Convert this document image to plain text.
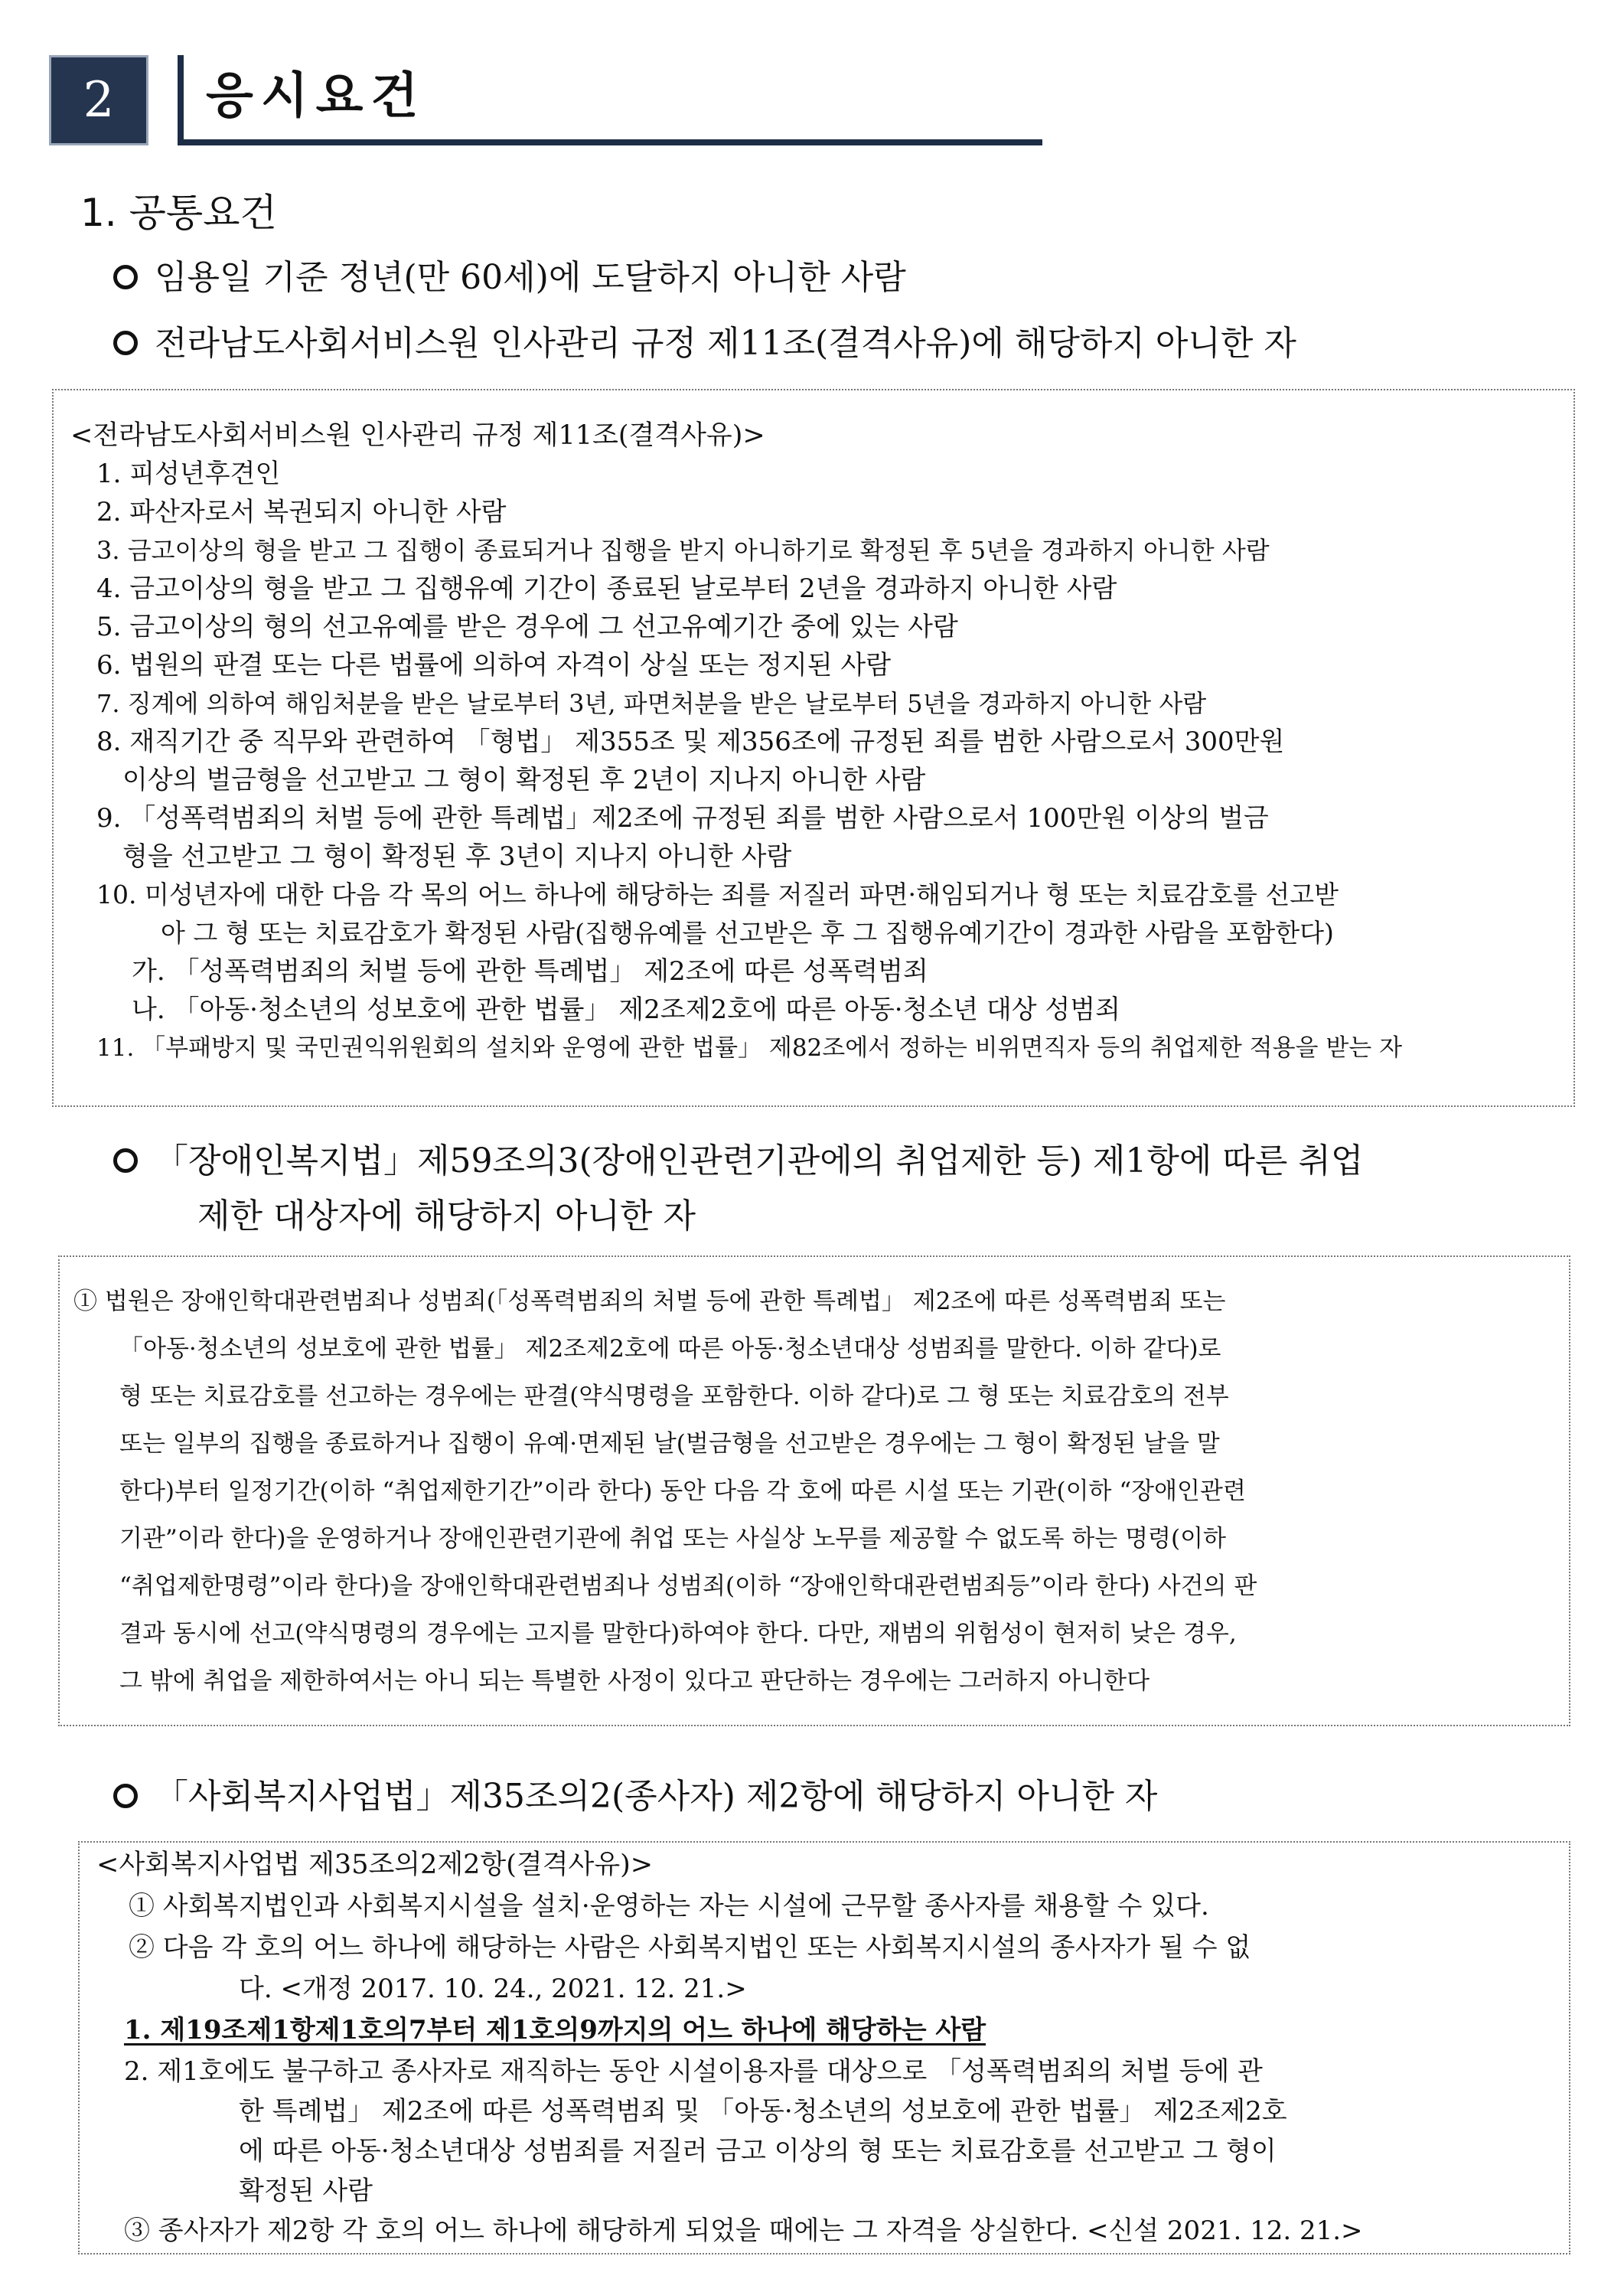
2	응시요건
1. 공통요건
임용일 기준 정년(만 60세)에 도달하지 아니한 사람
전라남도사회서비스원 인사관리 규정 제11조(결격사유)에 해당하지 아니한 자
<전라남도사회서비스원 인사관리 규정 제11조(결격사유)>
1. 피성년후견인
2. 파산자로서 복권되지 아니한 사람
3. 금고이상의 형을 받고 그 집행이 종료되거나 집행을 받지 아니하기로 확정된 후 5년을 경과하지 아니한 사람
4. 금고이상의 형을 받고 그 집행유예 기간이 종료된 날로부터 2년을 경과하지 아니한 사람
5. 금고이상의 형의 선고유예를 받은 경우에 그 선고유예기간 중에 있는 사람
6. 법원의 판결 또는 다른 법률에 의하여 자격이 상실 또는 정지된 사람
7. 징계에 의하여 해임처분을 받은 날로부터 3년, 파면처분을 받은 날로부터 5년을 경과하지 아니한 사람
8. 재직기간 중 직무와 관련하여 「형법」 제355조 및 제356조에 규정된 죄를 범한 사람으로서 300만원
이상의 벌금형을 선고받고 그 형이 확정된 후 2년이 지나지 아니한 사람
9. 「성폭력범죄의 처벌 등에 관한 특례법」제2조에 규정된 죄를 범한 사람으로서 100만원 이상의 벌금
형을 선고받고 그 형이 확정된 후 3년이 지나지 아니한 사람
10. 미성년자에 대한 다음 각 목의 어느 하나에 해당하는 죄를 저질러 파면·해임되거나 형 또는 치료감호를 선고받
아 그 형 또는 치료감호가 확정된 사람(집행유예를 선고받은 후 그 집행유예기간이 경과한 사람을 포함한다)
가. 「성폭력범죄의 처벌 등에 관한 특례법」 제2조에 따른 성폭력범죄
나. 「아동·청소년의 성보호에 관한 법률」 제2조제2호에 따른 아동·청소년 대상 성범죄
11. 「부패방지 및 국민권익위원회의 설치와 운영에 관한 법률」 제82조에서 정하는 비위면직자 등의 취업제한 적용을 받는 자
「장애인복지법」제59조의3(장애인관련기관에의 취업제한 등) 제1항에 따른 취업
제한 대상자에 해당하지 아니한 자
① 법원은 장애인학대관련범죄나 성범죄(「성폭력범죄의 처벌 등에 관한 특례법」 제2조에 따른 성폭력범죄 또는
「아동·청소년의 성보호에 관한 법률」 제2조제2호에 따른 아동·청소년대상 성범죄를 말한다. 이하 같다)로
형 또는 치료감호를 선고하는 경우에는 판결(약식명령을 포함한다. 이하 같다)로 그 형 또는 치료감호의 전부
또는 일부의 집행을 종료하거나 집행이 유예·면제된 날(벌금형을 선고받은 경우에는 그 형이 확정된 날을 말
한다)부터 일정기간(이하 “취업제한기간”이라 한다) 동안 다음 각 호에 따른 시설 또는 기관(이하 “장애인관련
기관”이라 한다)을 운영하거나 장애인관련기관에 취업 또는 사실상 노무를 제공할 수 없도록 하는 명령(이하
“취업제한명령”이라 한다)을 장애인학대관련범죄나 성범죄(이하 “장애인학대관련범죄등”이라 한다) 사건의 판
결과 동시에 선고(약식명령의 경우에는 고지를 말한다)하여야 한다. 다만, 재범의 위험성이 현저히 낮은 경우,
그 밖에 취업을 제한하여서는 아니 되는 특별한 사정이 있다고 판단하는 경우에는 그러하지 아니한다
「사회복지사업법」제35조의2(종사자) 제2항에 해당하지 아니한 자
<사회복지사업법 제35조의2제2항(결격사유)>
① 사회복지법인과 사회복지시설을 설치·운영하는 자는 시설에 근무할 종사자를 채용할 수 있다.
② 다음 각 호의 어느 하나에 해당하는 사람은 사회복지법인 또는 사회복지시설의 종사자가 될 수 없
다. <개정 2017. 10. 24., 2021. 12. 21.>
1. 제19조제1항제1호의7부터 제1호의9까지의 어느 하나에 해당하는 사람
2. 제1호에도 불구하고 종사자로 재직하는 동안 시설이용자를 대상으로 「성폭력범죄의 처벌 등에 관
한 특례법」 제2조에 따른 성폭력범죄 및 「아동·청소년의 성보호에 관한 법률」 제2조제2호
에 따른 아동·청소년대상 성범죄를 저질러 금고 이상의 형 또는 치료감호를 선고받고 그 형이
확정된 사람
③ 종사자가 제2항 각 호의 어느 하나에 해당하게 되었을 때에는 그 자격을 상실한다. <신설 2021. 12. 21.>
